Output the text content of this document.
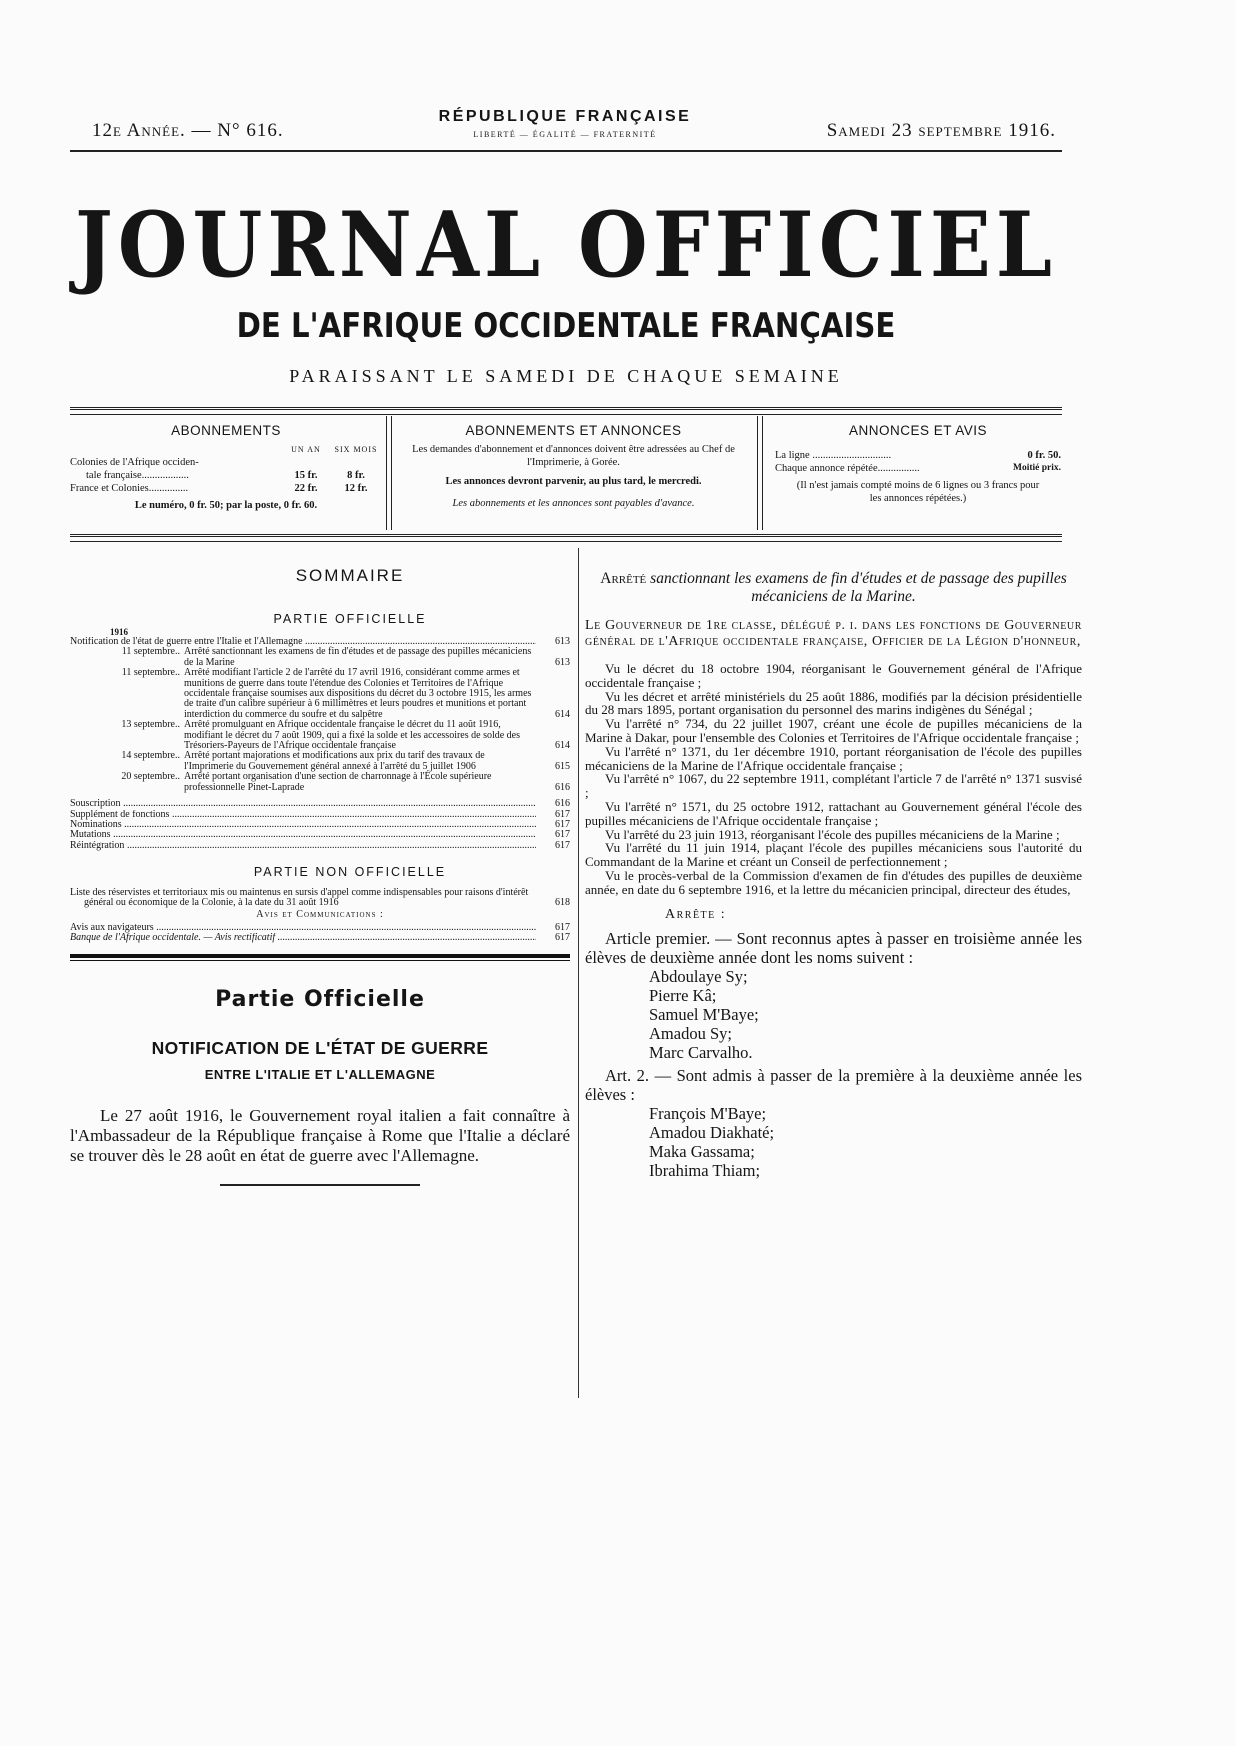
12e Année. — N° 616.
RÉPUBLIQUE FRANÇAISE
LIBERTÉ — ÉGALITÉ — FRATERNITÉ	Samedi 23 septembre 1916.
JOURNAL OFFICIEL
DE L'AFRIQUE OCCIDENTALE FRANÇAISE
PARAISSANT LE SAMEDI DE CHAQUE SEMAINE
ABONNEMENTS
UN AN	SIX MOIS
Colonies de l'Afrique occiden-
tale française..................	15 fr.	8 fr.
France et Colonies...............	22 fr.	12 fr.
Le numéro, 0 fr. 50; par la poste, 0 fr. 60.
ABONNEMENTS ET ANNONCES
Les demandes d'abonnement et d'annonces doivent être adressées au Chef de l'Imprimerie, à Gorée.
Les annonces devront parvenir, au plus tard, le mercredi.
Les abonnements et les annonces sont payables d'avance.
ANNONCES ET AVIS
La ligne ..............................	0 fr. 50.
Chaque annonce répétée................	Moitié prix.
(Il n'est jamais compté moins de 6 lignes ou 3 francs pour les annonces répétées.)
SOMMAIRE
PARTIE OFFICIELLE
1916
Notification de l'état de guerre entre l'Italie et l'Allemagne .....	613
11 septembre.. Arrêté sanctionnant les examens de fin d'études et de passage des pupilles mécaniciens de la Marine	613
11 septembre.. Arrêté modifiant l'article 2 de l'arrêté du 17 avril 1916, considérant comme armes et munitions de guerre dans toute l'étendue des Colonies et Territoires de l'Afrique occidentale française soumises aux dispositions du décret du 3 octobre 1915, les armes de traite d'un calibre supérieur à 6 millimètres et leurs poudres et munitions et portant interdiction du commerce du soufre et du salpêtre	614
13 septembre.. Arrêté promulguant en Afrique occidentale française le décret du 11 août 1916, modifiant le décret du 7 août 1909, qui a fixé la solde et les accessoires de solde des Trésoriers-Payeurs de l'Afrique occidentale française	614
14 septembre.. Arrêté portant majorations et modifications aux prix du tarif des travaux de l'Imprimerie du Gouvernement général annexé à l'arrêté du 5 juillet 1906	615
20 septembre.. Arrêté portant organisation d'une section de charronnage à l'École supérieure professionnelle Pinet-Laprade	616
Souscription .....	616
Supplément de fonctions .....	617
Nominations .....	617
Mutations .....	617
Réintégration .....	617
PARTIE NON OFFICIELLE
Liste des réservistes et territoriaux mis ou maintenus en sursis d'appel comme indispensables pour raisons d'intérêt général ou économique de la Colonie, à la date du 31 août 1916	618
Avis et Communications :
Avis aux navigateurs .....	617
Banque de l'Afrique occidentale. — Avis rectificatif .....	617
Partie Officielle
NOTIFICATION DE L'ÉTAT DE GUERRE
ENTRE L'ITALIE ET L'ALLEMAGNE
Le 27 août 1916, le Gouvernement royal italien a fait connaître à l'Ambassadeur de la République française à Rome que l'Italie a déclaré se trouver dès le 28 août en état de guerre avec l'Allemagne.
Arrêté sanctionnant les examens de fin d'études et de passage des pupilles mécaniciens de la Marine.
Le Gouverneur de 1re classe, délégué p. i. dans les fonctions de Gouverneur général de l'Afrique occidentale française, Officier de la Légion d'honneur,

Vu le décret du 18 octobre 1904, réorganisant le Gouvernement général de l'Afrique occidentale française ;

Vu les décret et arrêté ministériels du 25 août 1886, modifiés par la décision présidentielle du 28 mars 1895, portant organisation du personnel des marins indigènes du Sénégal ;

Vu l'arrêté n° 734, du 22 juillet 1907, créant une école de pupilles mécaniciens de la Marine à Dakar, pour l'ensemble des Colonies et Territoires de l'Afrique occidentale française ;

Vu l'arrêté n° 1371, du 1er décembre 1910, portant réorganisation de l'école des pupilles mécaniciens de la Marine de l'Afrique occidentale française ;

Vu l'arrêté n° 1067, du 22 septembre 1911, complétant l'article 7 de l'arrêté n° 1371 susvisé ;

Vu l'arrêté n° 1571, du 25 octobre 1912, rattachant au Gouvernement général l'école des pupilles mécaniciens de l'Afrique occidentale française ;

Vu l'arrêté du 23 juin 1913, réorganisant l'école des pupilles mécaniciens de la Marine ;

Vu l'arrêté du 11 juin 1914, plaçant l'école des pupilles mécaniciens sous l'autorité du Commandant de la Marine et créant un Conseil de perfectionnement ;

Vu le procès-verbal de la Commission d'examen de fin d'études des pupilles de deuxième année, en date du 6 septembre 1916, et la lettre du mécanicien principal, directeur des études,

Arrête :

Article premier. — Sont reconnus aptes à passer en troisième année les élèves de deuxième année dont les noms suivent :

Abdoulaye Sy;
Pierre Kâ;
Samuel M'Baye;
Amadou Sy;
Marc Carvalho.

Art. 2. — Sont admis à passer de la première à la deuxième année les élèves :

François M'Baye;
Amadou Diakhaté;
Maka Gassama;
Ibrahima Thiam;
